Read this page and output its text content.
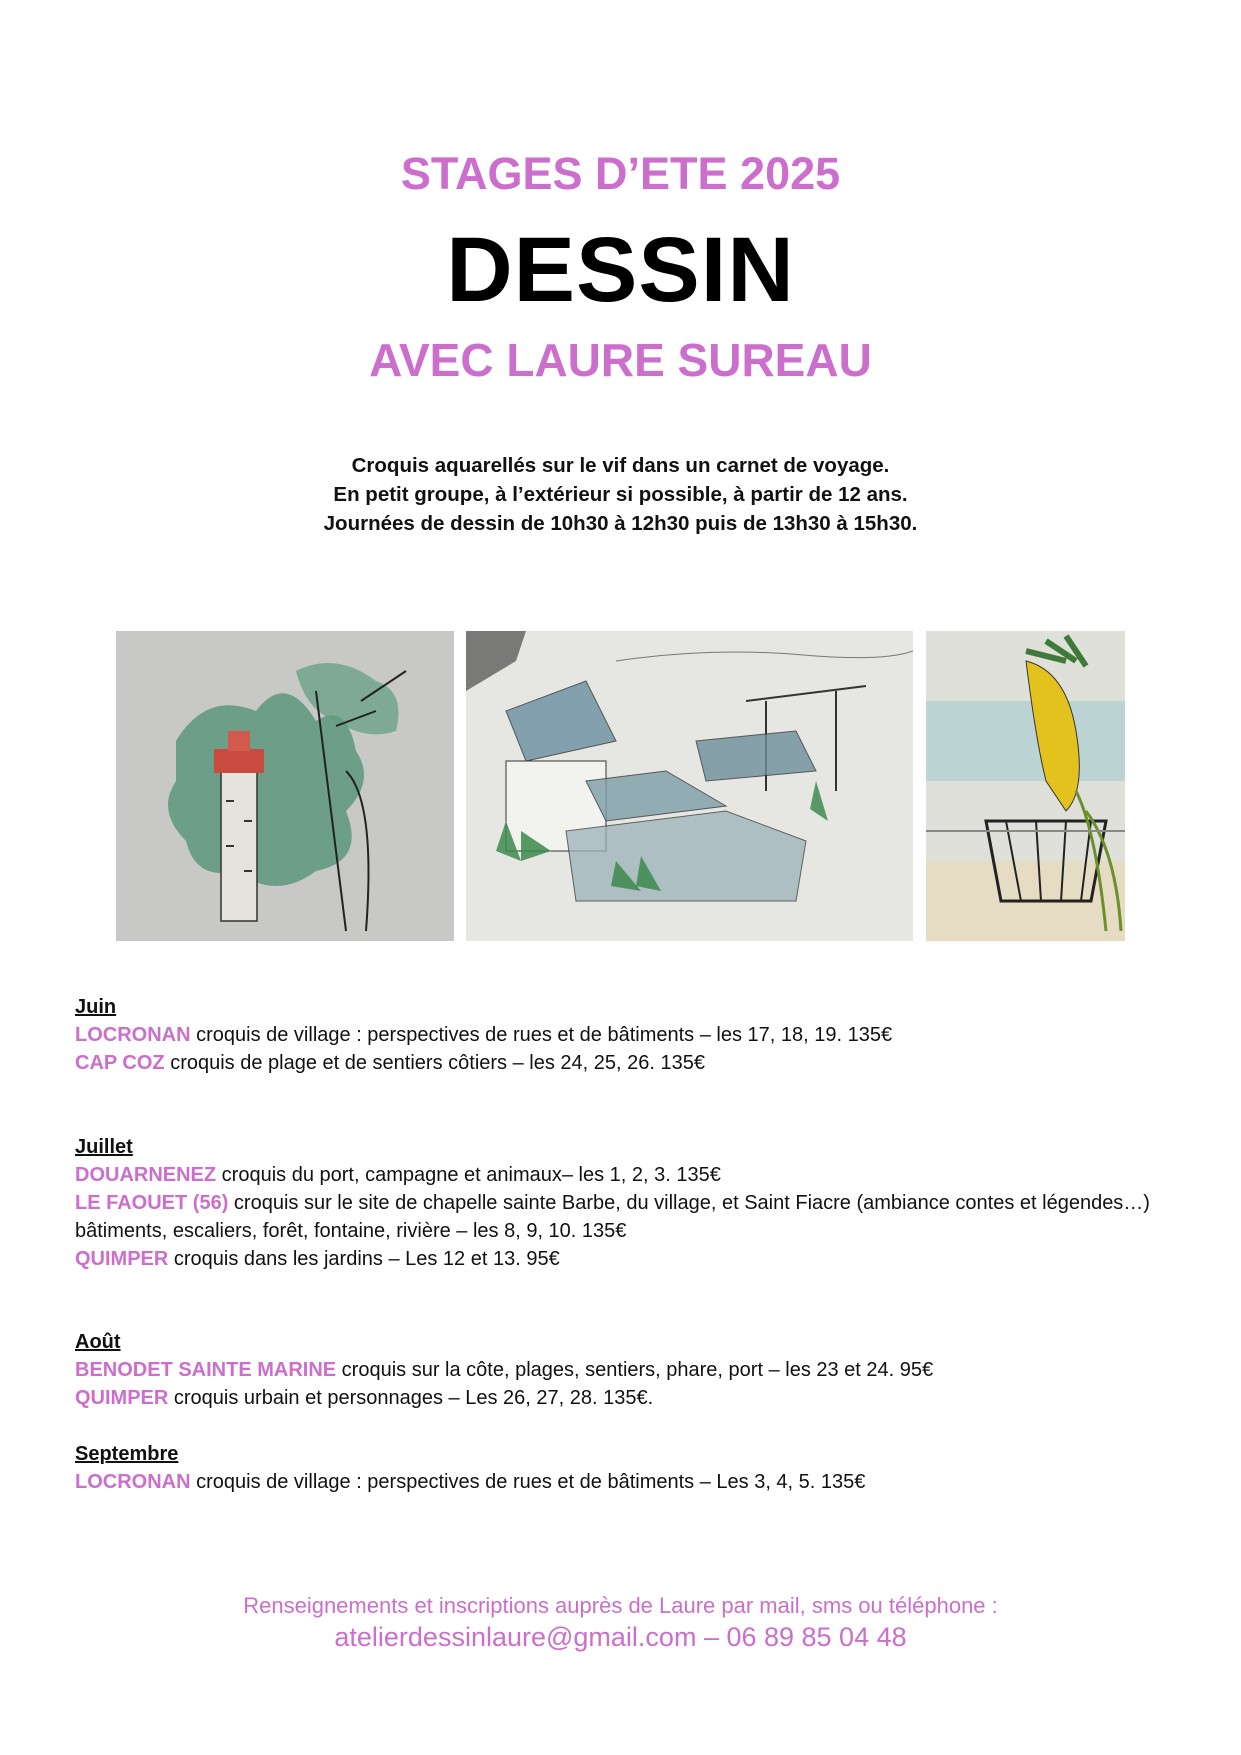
STAGES D’ETE 2025
DESSIN
AVEC LAURE SUREAU
Croquis aquarellés sur le vif dans un carnet de voyage.
En petit groupe, à l’extérieur si possible, à partir de 12 ans.
Journées de dessin de 10h30 à 12h30 puis de 13h30 à 15h30.
Juin
LOCRONAN croquis de village : perspectives de rues et de bâtiments – les 17, 18, 19. 135€
CAP COZ croquis de plage et de sentiers côtiers – les 24, 25, 26. 135€
Juillet
DOUARNENEZ croquis du port, campagne et animaux– les 1, 2, 3. 135€
LE FAOUET (56) croquis sur le site de chapelle sainte Barbe, du village, et Saint Fiacre (ambiance contes et légendes…) bâtiments, escaliers, forêt, fontaine, rivière – les 8, 9, 10. 135€
QUIMPER croquis dans les jardins – Les 12 et 13. 95€
Août
BENODET SAINTE MARINE croquis sur la côte, plages, sentiers, phare, port – les 23 et 24. 95€
QUIMPER croquis urbain et personnages – Les 26, 27, 28. 135€.
Septembre
LOCRONAN croquis de village : perspectives de rues et de bâtiments – Les 3, 4, 5. 135€
Renseignements et inscriptions auprès de Laure par mail, sms ou téléphone :
atelierdessinlaure@gmail.com – 06 89 85 04 48
